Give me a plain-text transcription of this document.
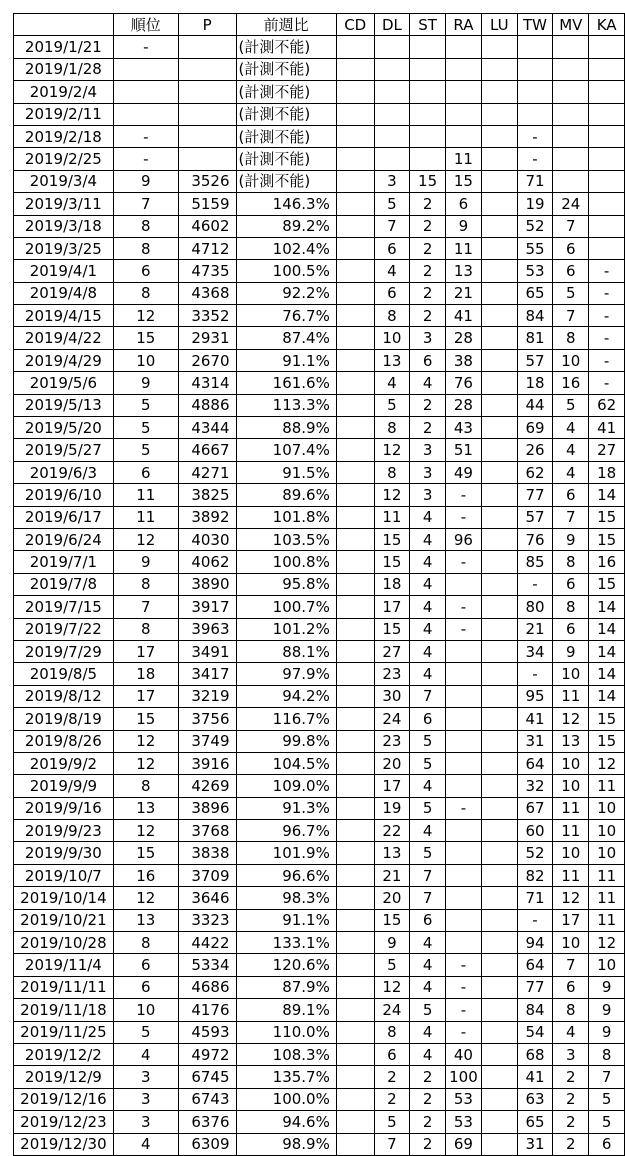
	順位	P	前週比	CD	DL	ST	RA	LU	TW	MV	KA
2019/1/21	-		(計測不能)								
2019/1/28			(計測不能)								
2019/2/4			(計測不能)								
2019/2/11			(計測不能)								
2019/2/18	-		(計測不能)						-		
2019/2/25	-		(計測不能)				11		-		
2019/3/4	9	3526	(計測不能)		3	15	15		71		
2019/3/11	7	5159	146.3%		5	2	6		19	24	
2019/3/18	8	4602	89.2%		7	2	9		52	7	
2019/3/25	8	4712	102.4%		6	2	11		55	6	
2019/4/1	6	4735	100.5%		4	2	13		53	6	-
2019/4/8	8	4368	92.2%		6	2	21		65	5	-
2019/4/15	12	3352	76.7%		8	2	41		84	7	-
2019/4/22	15	2931	87.4%		10	3	28		81	8	-
2019/4/29	10	2670	91.1%		13	6	38		57	10	-
2019/5/6	9	4314	161.6%		4	4	76		18	16	-
2019/5/13	5	4886	113.3%		5	2	28		44	5	62
2019/5/20	5	4344	88.9%		8	2	43		69	4	41
2019/5/27	5	4667	107.4%		12	3	51		26	4	27
2019/6/3	6	4271	91.5%		8	3	49		62	4	18
2019/6/10	11	3825	89.6%		12	3	-		77	6	14
2019/6/17	11	3892	101.8%		11	4	-		57	7	15
2019/6/24	12	4030	103.5%		15	4	96		76	9	15
2019/7/1	9	4062	100.8%		15	4	-		85	8	16
2019/7/8	8	3890	95.8%		18	4			-	6	15
2019/7/15	7	3917	100.7%		17	4	-		80	8	14
2019/7/22	8	3963	101.2%		15	4	-		21	6	14
2019/7/29	17	3491	88.1%		27	4			34	9	14
2019/8/5	18	3417	97.9%		23	4			-	10	14
2019/8/12	17	3219	94.2%		30	7			95	11	14
2019/8/19	15	3756	116.7%		24	6			41	12	15
2019/8/26	12	3749	99.8%		23	5			31	13	15
2019/9/2	12	3916	104.5%		20	5			64	10	12
2019/9/9	8	4269	109.0%		17	4			32	10	11
2019/9/16	13	3896	91.3%		19	5	-		67	11	10
2019/9/23	12	3768	96.7%		22	4			60	11	10
2019/9/30	15	3838	101.9%		13	5			52	10	10
2019/10/7	16	3709	96.6%		21	7			82	11	11
2019/10/14	12	3646	98.3%		20	7			71	12	11
2019/10/21	13	3323	91.1%		15	6			-	17	11
2019/10/28	8	4422	133.1%		9	4			94	10	12
2019/11/4	6	5334	120.6%		5	4	-		64	7	10
2019/11/11	6	4686	87.9%		12	4	-		77	6	9
2019/11/18	10	4176	89.1%		24	5	-		84	8	9
2019/11/25	5	4593	110.0%		8	4	-		54	4	9
2019/12/2	4	4972	108.3%		6	4	40		68	3	8
2019/12/9	3	6745	135.7%		2	2	100		41	2	7
2019/12/16	3	6743	100.0%		2	2	53		63	2	5
2019/12/23	3	6376	94.6%		5	2	53		65	2	5
2019/12/30	4	6309	98.9%		7	2	69		31	2	6
